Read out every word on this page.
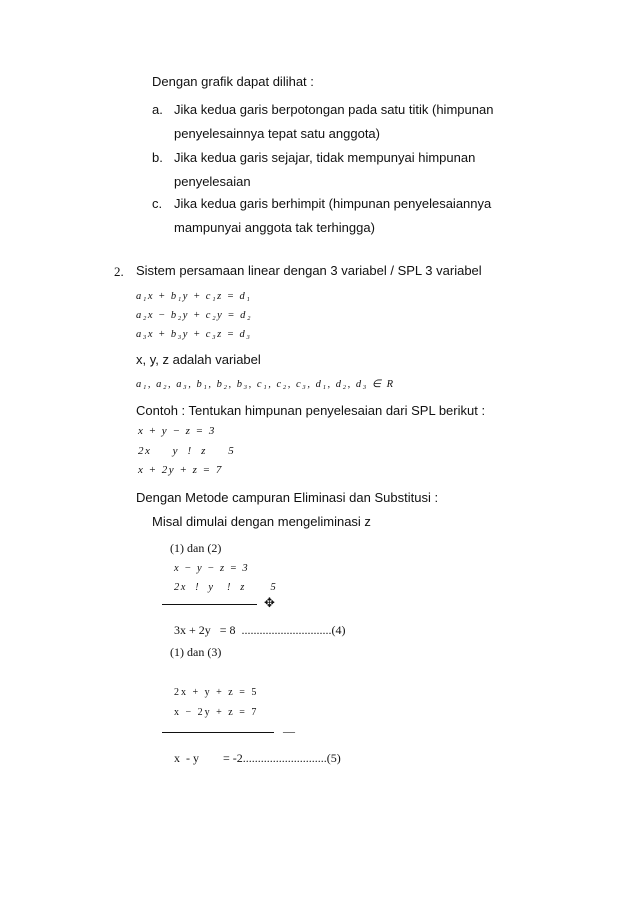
Dengan grafik dapat dilihat :
a. Jika kedua garis berpotongan pada satu titik (himpunan
penyelesainnya tepat satu anggota)
b. Jika kedua garis sejajar, tidak mempunyai himpunan
penyelesaian
c. Jika kedua garis berhimpit (himpunan penyelesaiannya
mampunyai anggota tak terhingga)
2. Sistem persamaan linear dengan 3 variabel / SPL 3 variabel
a₁x + b₁y + c₁z = d₁
a₂x − b₂y + c₂y = d₂
a₃x + b₃y + c₃z = d₃
x, y, z adalah variabel
a₁, a₂, a₃, b₁, b₂, b₃, c₁, c₂, c₃, d₁, d₂, d₃ ∈ R
Contoh : Tentukan himpunan penyelesaian dari SPL berikut :
x + y − z = 3
2x     y  !  z     5
x + 2y + z = 7
Dengan Metode campuran Eliminasi dan Substitusi :
Misal dimulai dengan mengeliminasi z
(1) dan (2)
x − y − z = 3
2x  !  y   !  z      5
✥
3x + 2y   = 8  ..............................(4)
(1) dan (3)
2x + y + z = 5
x − 2y + z = 7
—
x  - y        = -2............................(5)
